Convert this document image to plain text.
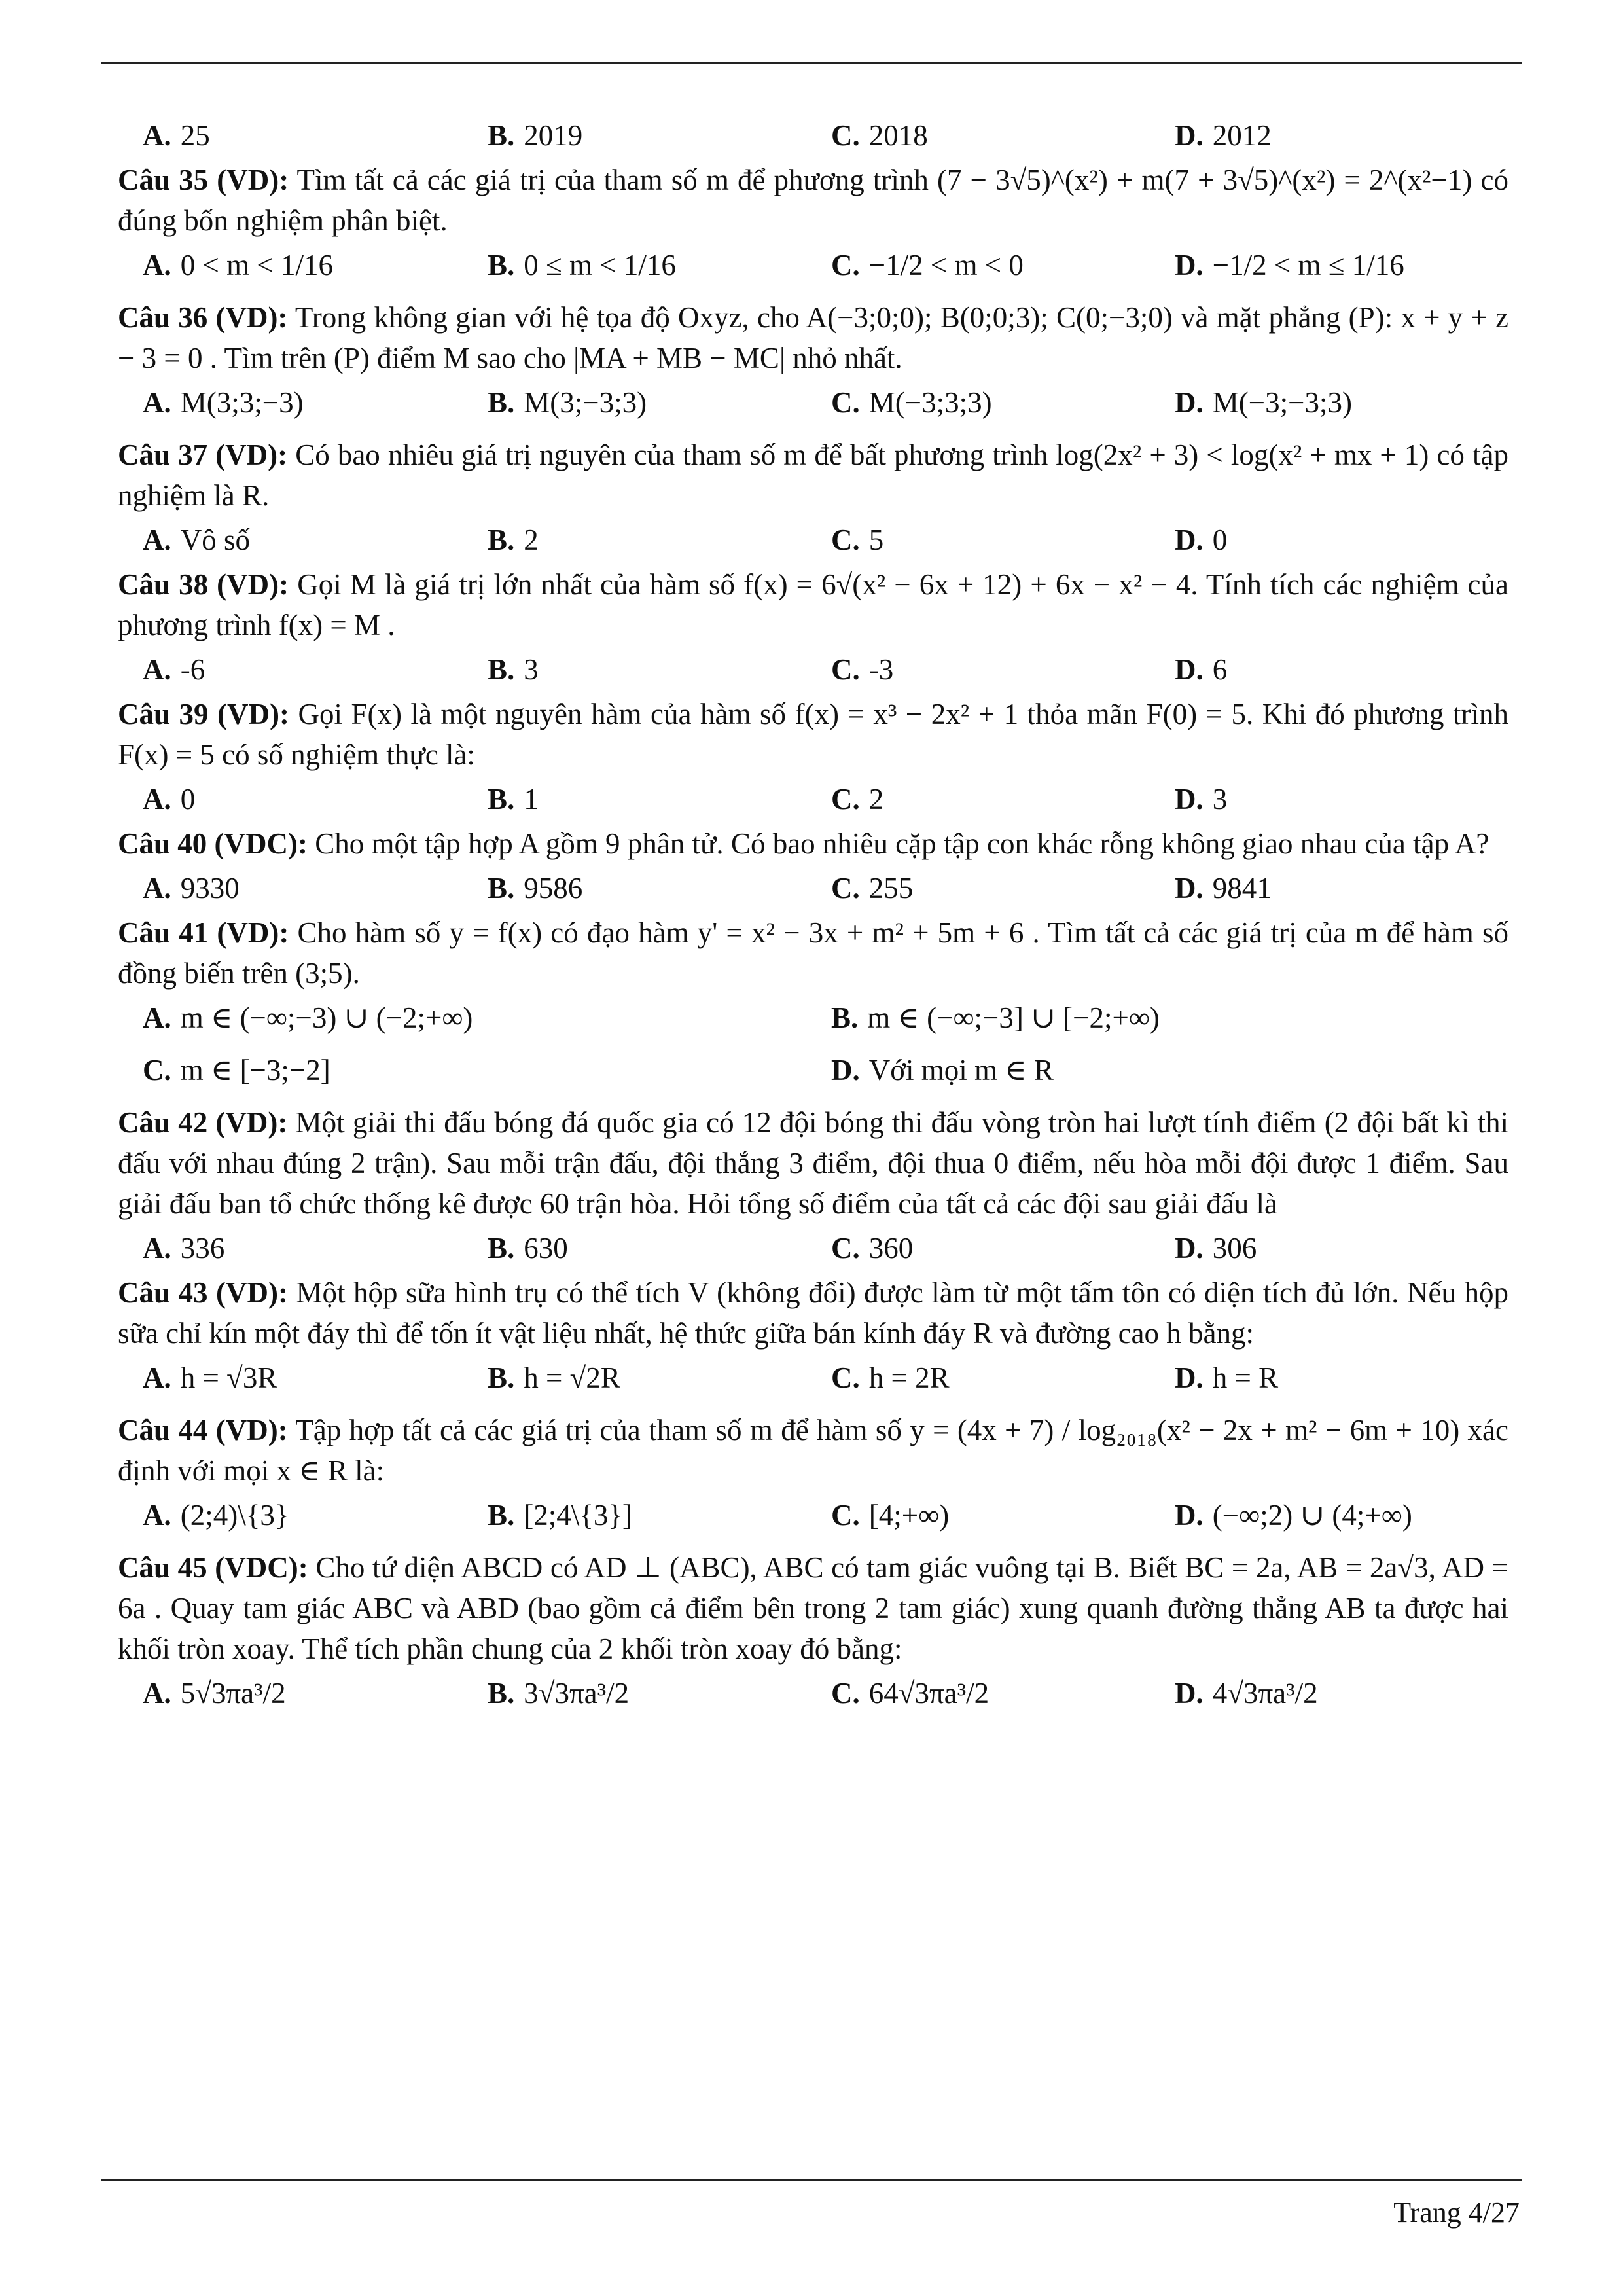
A. 25	B. 2019	C. 2018	D. 2012

Câu 35 (VD): Tìm tất cả các giá trị của tham số m để phương trình (7 − 3√5)^(x²) + m(7 + 3√5)^(x²) = 2^(x²−1) có đúng bốn nghiệm phân biệt.

A. 0 < m < 1/16	B. 0 ≤ m < 1/16	C. −1/2 < m < 0	D. −1/2 < m ≤ 1/16

Câu 36 (VD): Trong không gian với hệ tọa độ Oxyz, cho A(−3;0;0); B(0;0;3); C(0;−3;0) và mặt phẳng (P): x + y + z − 3 = 0 . Tìm trên (P) điểm M sao cho |MA + MB − MC| nhỏ nhất.

A. M(3;3;−3)	B. M(3;−3;3)	C. M(−3;3;3)	D. M(−3;−3;3)

Câu 37 (VD): Có bao nhiêu giá trị nguyên của tham số m để bất phương trình log(2x² + 3) < log(x² + mx + 1) có tập nghiệm là R.

A. Vô số	B. 2	C. 5	D. 0

Câu 38 (VD): Gọi M là giá trị lớn nhất của hàm số f(x) = 6√(x² − 6x + 12) + 6x − x² − 4. Tính tích các nghiệm của phương trình f(x) = M .

A. -6	B. 3	C. -3	D. 6

Câu 39 (VD): Gọi F(x) là một nguyên hàm của hàm số f(x) = x³ − 2x² + 1 thỏa mãn F(0) = 5. Khi đó phương trình F(x) = 5 có số nghiệm thực là:

A. 0	B. 1	C. 2	D. 3

Câu 40 (VDC): Cho một tập hợp A gồm 9 phân tử. Có bao nhiêu cặp tập con khác rỗng không giao nhau của tập A?

A. 9330	B. 9586	C. 255	D. 9841

Câu 41 (VD): Cho hàm số y = f(x) có đạo hàm y' = x² − 3x + m² + 5m + 6 . Tìm tất cả các giá trị của m để hàm số đồng biến trên (3;5).

A. m ∈ (−∞;−3) ∪ (−2;+∞)	B. m ∈ (−∞;−3] ∪ [−2;+∞)
C. m ∈ [−3;−2]	D. Với mọi m ∈ R

Câu 42 (VD): Một giải thi đấu bóng đá quốc gia có 12 đội bóng thi đấu vòng tròn hai lượt tính điểm (2 đội bất kì thi đấu với nhau đúng 2 trận). Sau mỗi trận đấu, đội thắng 3 điểm, đội thua 0 điểm, nếu hòa mỗi đội được 1 điểm. Sau giải đấu ban tổ chức thống kê được 60 trận hòa. Hỏi tổng số điểm của tất cả các đội sau giải đấu là

A. 336	B. 630	C. 360	D. 306

Câu 43 (VD): Một hộp sữa hình trụ có thể tích V (không đổi) được làm từ một tấm tôn có diện tích đủ lớn. Nếu hộp sữa chỉ kín một đáy thì để tốn ít vật liệu nhất, hệ thức giữa bán kính đáy R và đường cao h bằng:

A. h = √3R	B. h = √2R	C. h = 2R	D. h = R

Câu 44 (VD): Tập hợp tất cả các giá trị của tham số m để hàm số y = (4x + 7) / log₂₀₁₈(x² − 2x + m² − 6m + 10) xác định với mọi x ∈ R là:

A. (2;4)\{3}	B. [2;4\{3}]	C. [4;+∞)	D. (−∞;2) ∪ (4;+∞)

Câu 45 (VDC): Cho tứ diện ABCD có AD ⊥ (ABC), ABC có tam giác vuông tại B. Biết BC = 2a, AB = 2a√3, AD = 6a . Quay tam giác ABC và ABD (bao gồm cả điểm bên trong 2 tam giác) xung quanh đường thẳng AB ta được hai khối tròn xoay. Thể tích phần chung của 2 khối tròn xoay đó bằng:

A. 5√3πa³/2	B. 3√3πa³/2	C. 64√3πa³/2	D. 4√3πa³/2
Trang 4/27
